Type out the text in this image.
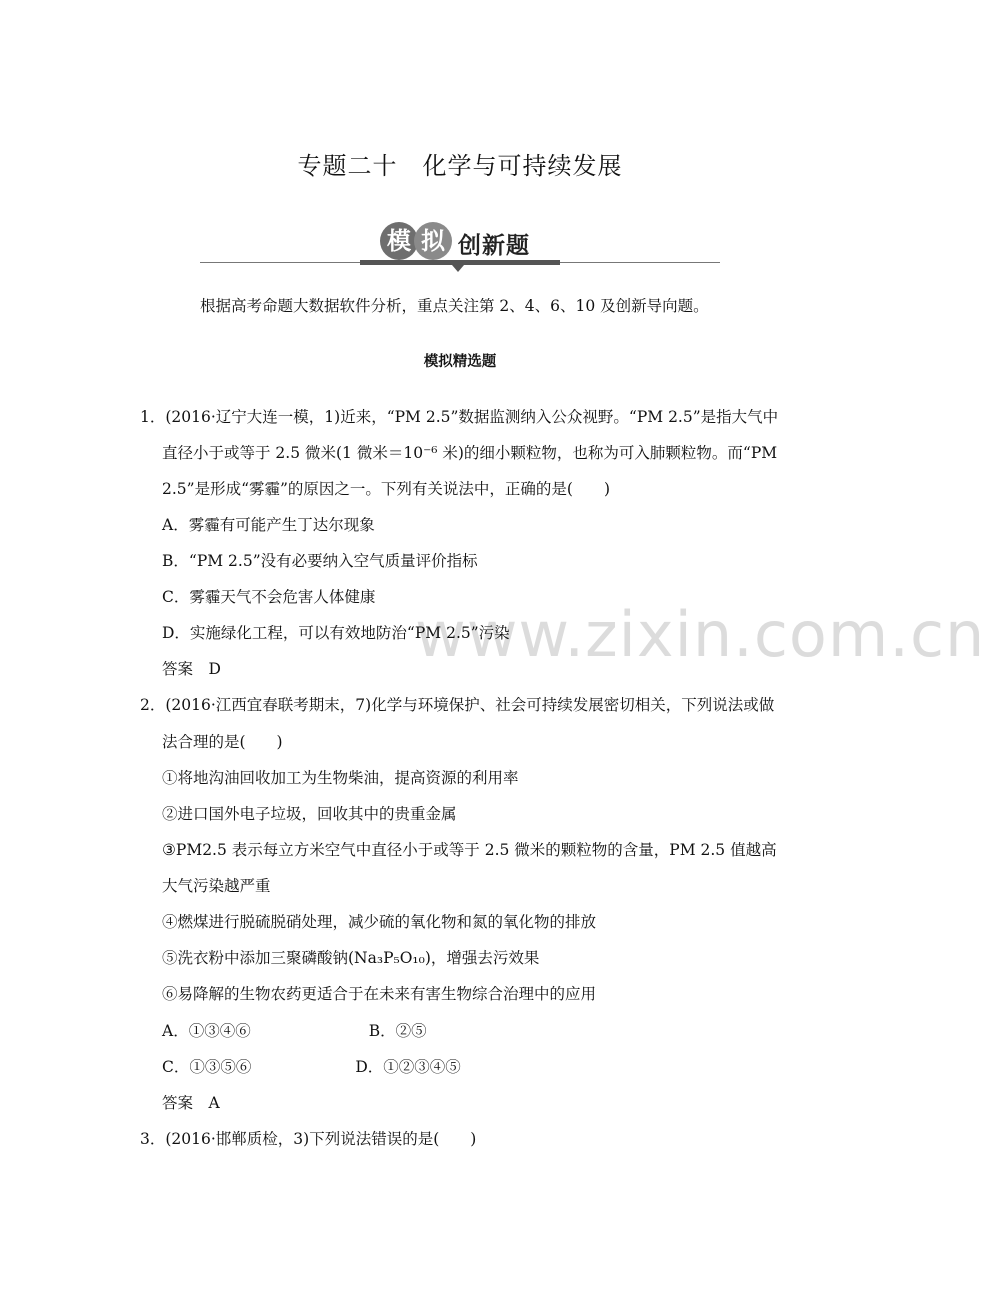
专题二十　化学与可持续发展
模 拟 创新题
根据高考命题大数据软件分析，重点关注第 2、4、6、10 及创新导向题。
模拟精选题
www.zixin.com.cn
1．(2016·辽宁大连一模，1)近来，“PM 2.5”数据监测纳入公众视野。“PM 2.5”是指大气中
直径小于或等于 2.5 微米(1 微米＝10⁻⁶ 米)的细小颗粒物，也称为可入肺颗粒物。而“PM
2.5”是形成“雾霾”的原因之一。下列有关说法中，正确的是(　　)
A．雾霾有可能产生丁达尔现象
B．“PM 2.5”没有必要纳入空气质量评价指标
C．雾霾天气不会危害人体健康
D．实施绿化工程，可以有效地防治“PM 2.5”污染
答案　D
2．(2016·江西宜春联考期末，7)化学与环境保护、社会可持续发展密切相关，下列说法或做
法合理的是(　　)
①将地沟油回收加工为生物柴油，提高资源的利用率
②进口国外电子垃圾，回收其中的贵重金属
③PM2.5 表示每立方米空气中直径小于或等于 2.5 微米的颗粒物的含量，PM 2.5 值越高
大气污染越严重
④燃煤进行脱硫脱硝处理，减少硫的氧化物和氮的氧化物的排放
⑤洗衣粉中添加三聚磷酸钠(Na₃P₅O₁₀)，增强去污效果
⑥易降解的生物农药更适合于在未来有害生物综合治理中的应用
A．①③④⑥	B．②⑤
C．①③⑤⑥	D．①②③④⑤
答案　A
3．(2016·邯郸质检，3)下列说法错误的是(　　)
